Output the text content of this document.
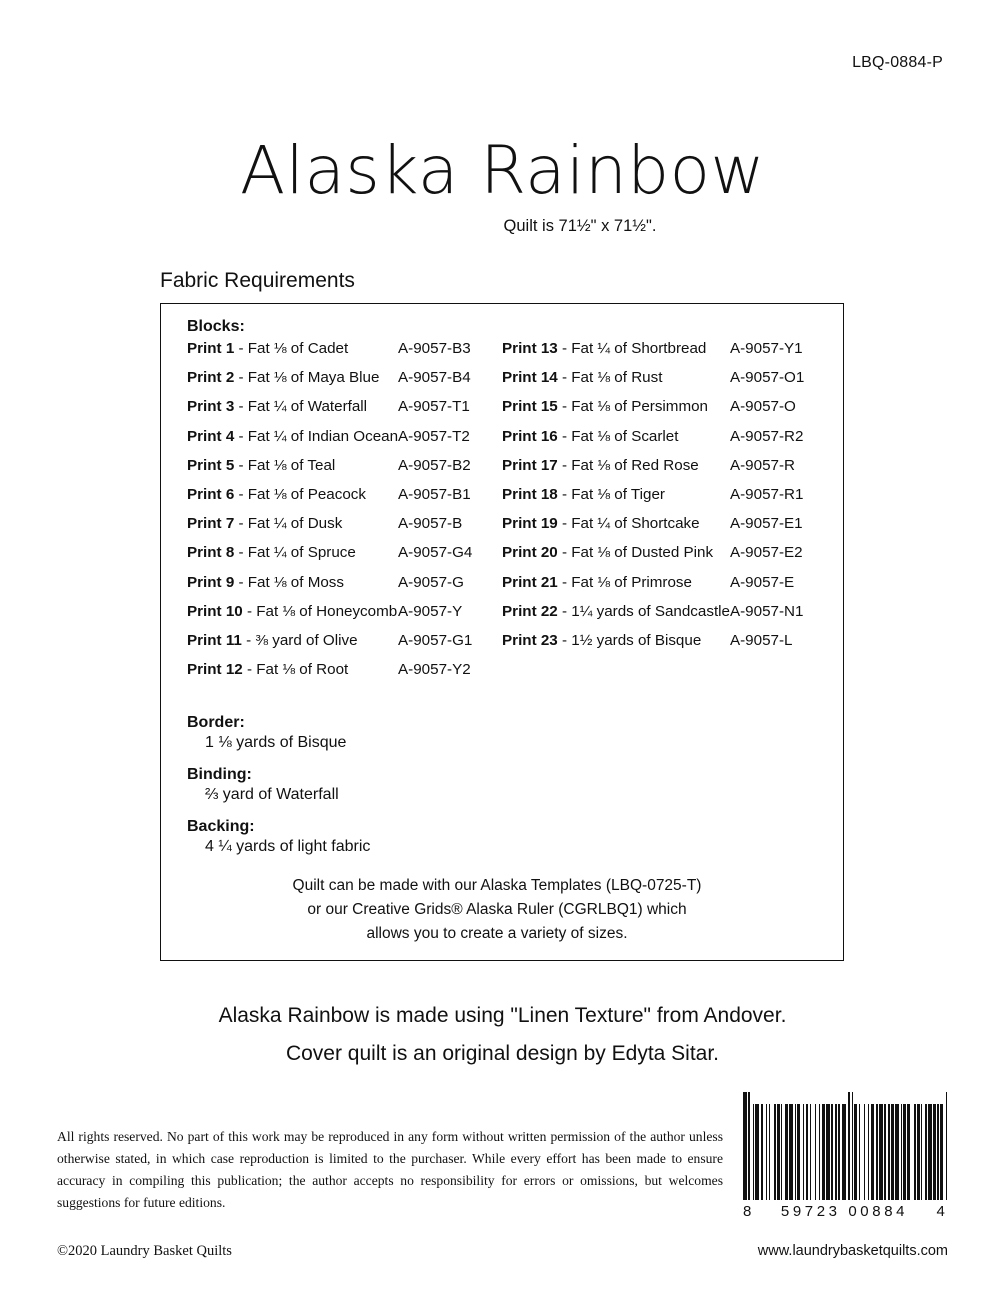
LBQ-0884-P
Alaska Rainbow
Quilt is 71½" x 71½".
Fabric Requirements
Blocks:
Print 1 - Fat ⅛ of Cadet	A-9057-B3
Print 2 - Fat ⅛ of Maya Blue	A-9057-B4
Print 3 - Fat ¼ of Waterfall	A-9057-T1
Print 4 - Fat ¼ of Indian Ocean A-9057-T2
Print 5 - Fat ⅛ of Teal	A-9057-B2
Print 6 - Fat ⅛ of Peacock	A-9057-B1
Print 7 - Fat ¼ of Dusk	A-9057-B
Print 8 - Fat ¼ of Spruce	A-9057-G4
Print 9 - Fat ⅛ of Moss	A-9057-G
Print 10 - Fat ⅛ of Honeycomb A-9057-Y
Print 11 - ⅜ yard of Olive	A-9057-G1
Print 12 - Fat ⅛ of Root	A-9057-Y2
Print 13 - Fat ¼ of Shortbread	A-9057-Y1
Print 14 - Fat ⅛ of Rust	A-9057-O1
Print 15 - Fat ⅛ of Persimmon	A-9057-O
Print 16 - Fat ⅛ of Scarlet	A-9057-R2
Print 17 - Fat ⅛ of Red Rose	A-9057-R
Print 18 - Fat ⅛ of Tiger	A-9057-R1
Print 19 - Fat ¼ of Shortcake	A-9057-E1
Print 20 - Fat ⅛ of Dusted Pink	A-9057-E2
Print 21 - Fat ⅛ of Primrose	A-9057-E
Print 22 - 1¼ yards of Sandcastle A-9057-N1
Print 23 - 1½ yards of Bisque	A-9057-L
Border:
1 ⅛ yards of Bisque
Binding:
⅔ yard of Waterfall
Backing:
4 ¼ yards of light fabric
Quilt can be made with our Alaska Templates (LBQ-0725-T)
or our Creative Grids® Alaska Ruler (CGRLBQ1) which
allows you to create a variety of sizes.
Alaska Rainbow is made using "Linen Texture" from Andover.
Cover quilt is an original design by Edyta Sitar.
All rights reserved. No part of this work may be reproduced in any form without written permission of the author unless otherwise stated, in which case reproduction is limited to the purchaser. While every effort has been made to ensure accuracy in compiling this publication; the author accepts no responsibility for errors or omissions, but welcomes suggestions for future editions.
©2020 Laundry Basket Quilts	www.laundrybasketquilts.com
8 59723 00884 4
